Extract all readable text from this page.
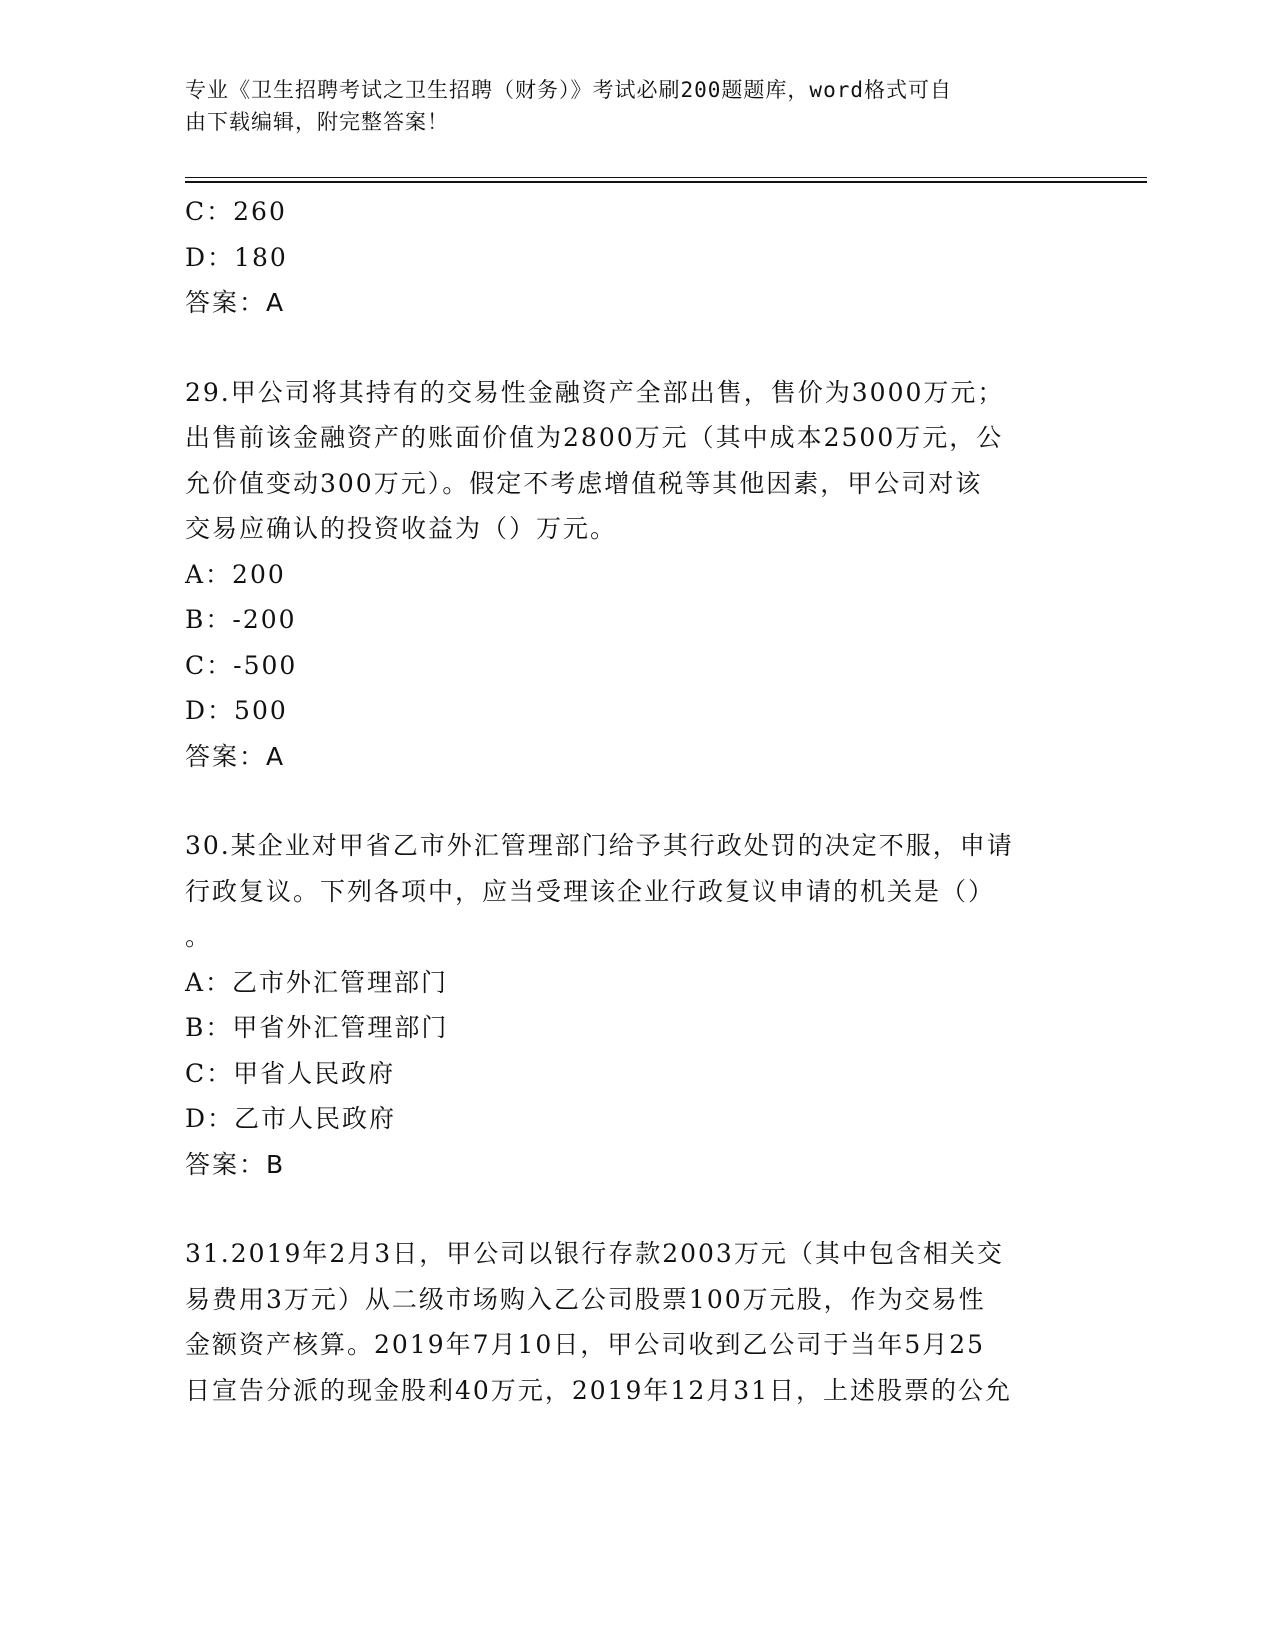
专业《卫生招聘考试之卫生招聘（财务）》考试必刷200题题库，word格式可自
由下载编辑，附完整答案！

C：260

D：180

答案：A

29.甲公司将其持有的交易性金融资产全部出售，售价为3000万元；

出售前该金融资产的账面价值为2800万元（其中成本2500万元，公

允价值变动300万元）。假定不考虑增值税等其他因素，甲公司对该

交易应确认的投资收益为（）万元。

A：200

B：-200

C：-500

D：500

答案：A

30.某企业对甲省乙市外汇管理部门给予其行政处罚的决定不服，申请

行政复议。下列各项中，应当受理该企业行政复议申请的机关是（）

。

A：乙市外汇管理部门

B：甲省外汇管理部门

C：甲省人民政府

D：乙市人民政府

答案：B

31.2019年2月3日，甲公司以银行存款2003万元（其中包含相关交

易费用3万元）从二级市场购入乙公司股票100万元股，作为交易性

金额资产核算。2019年7月10日，甲公司收到乙公司于当年5月25

日宣告分派的现金股利40万元，2019年12月31日，上述股票的公允
